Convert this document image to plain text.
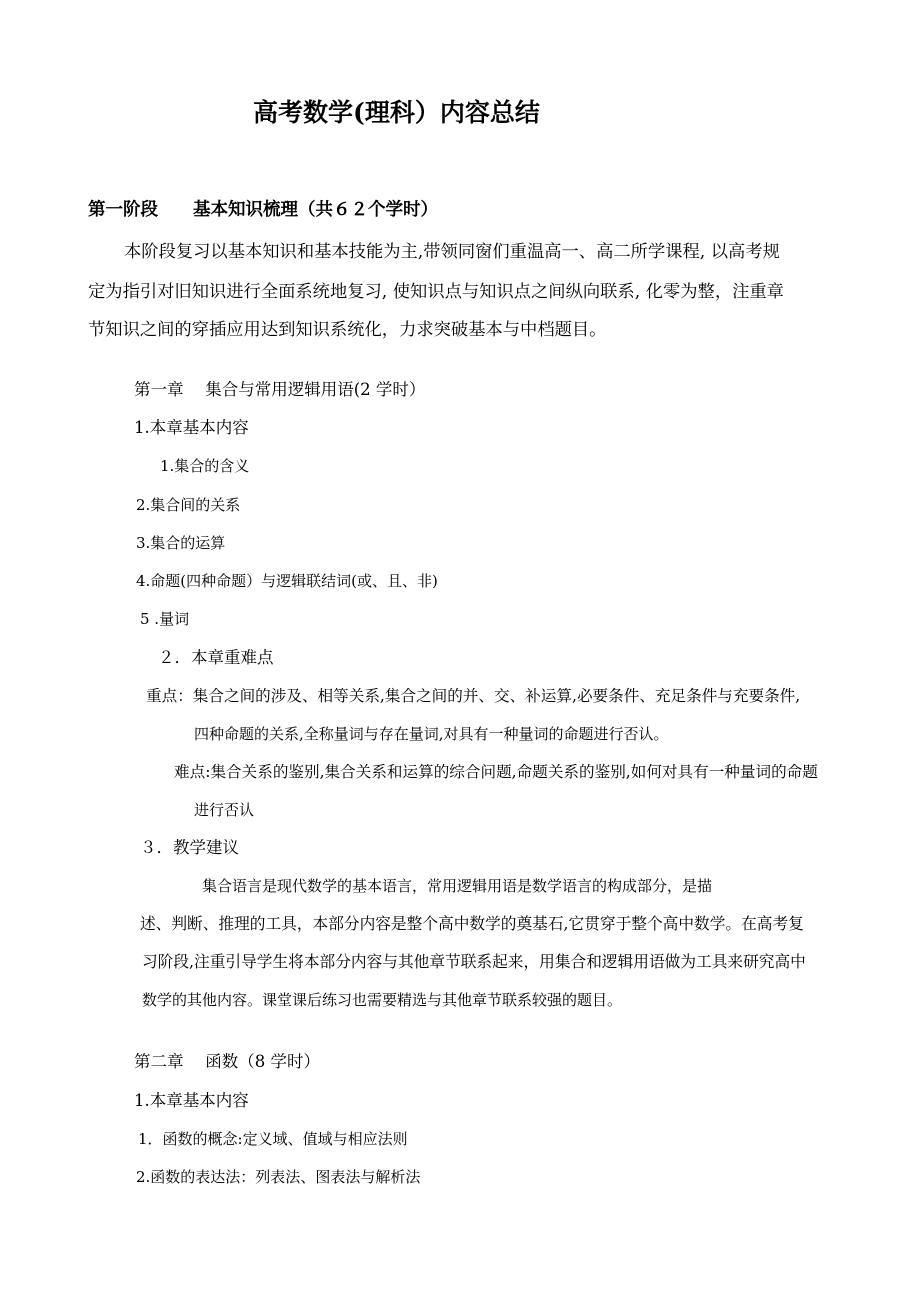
高考数学(理科）内容总结
第一阶段　　基本知识梳理（共６２个学时）
本阶段复习以基本知识和基本技能为主,带领同窗们重温高一、高二所学课程, 以高考规
定为指引对旧知识进行全面系统地复习, 使知识点与知识点之间纵向联系, 化零为整，注重章
节知识之间的穿插应用达到知识系统化，力求突破基本与中档题目。
第一章　 集合与常用逻辑用语(2 学时）
1.本章基本内容
1.集合的含义
2.集合间的关系
3.集合的运算
4.命题(四种命题）与逻辑联结词(或、且、非)
5 .量词
２．本章重难点
重点：集合之间的涉及、相等关系,集合之间的并、交、补运算,必要条件、充足条件与充要条件,
四种命题的关系,全称量词与存在量词,对具有一种量词的命题进行否认。
难点:集合关系的鉴别,集合关系和运算的综合问题,命题关系的鉴别,如何对具有一种量词的命题
进行否认
３．教学建议
集合语言是现代数学的基本语言，常用逻辑用语是数学语言的构成部分，是描
述、判断、推理的工具，本部分内容是整个高中数学的奠基石,它贯穿于整个高中数学。在高考复
习阶段,注重引导学生将本部分内容与其他章节联系起来，用集合和逻辑用语做为工具来研究高中
数学的其他内容。课堂课后练习也需要精选与其他章节联系较强的题目。
第二章　 函数（8 学时）
1.本章基本内容
1．函数的概念:定义域、值域与相应法则
2.函数的表达法：列表法、图表法与解析法
